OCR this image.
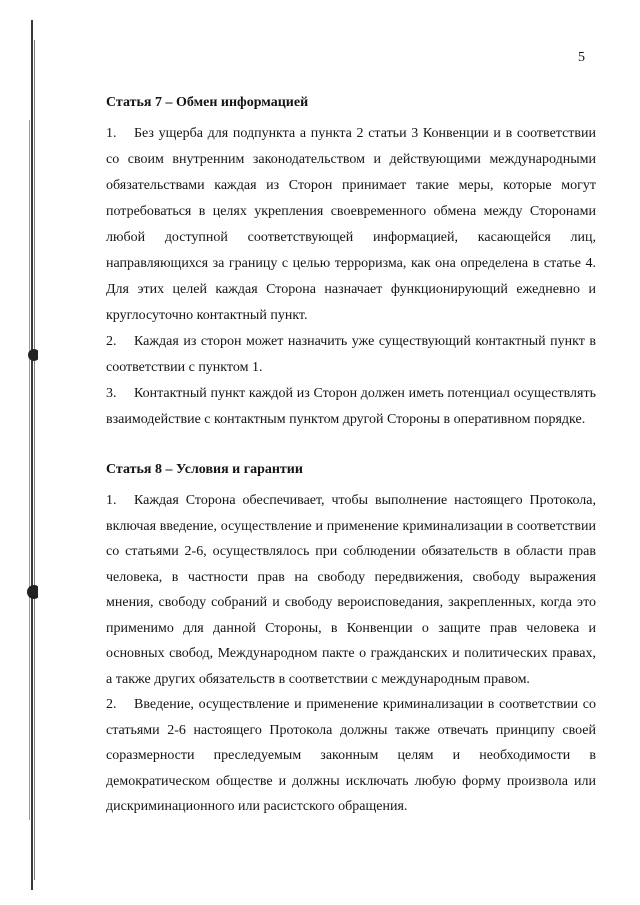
5
Статья 7 – Обмен информацией

1. Без ущерба для подпункта a пункта 2 статьи 3 Конвенции и в соответствии со своим внутренним законодательством и действующими международными обязательствами каждая из Сторон принимает такие меры, которые могут потребоваться в целях укрепления своевременного обмена между Сторонами любой доступной соответствующей информацией, касающейся лиц, направляющихся за границу с целью терроризма, как она определена в статье 4. Для этих целей каждая Сторона назначает функционирующий ежедневно и круглосуточно контактный пункт.

2. Каждая из сторон может назначить уже существующий контактный пункт в соответствии с пунктом 1.

3. Контактный пункт каждой из Сторон должен иметь потенциал осуществлять взаимодействие с контактным пунктом другой Стороны в оперативном порядке.

Статья 8 – Условия и гарантии

1. Каждая Сторона обеспечивает, чтобы выполнение настоящего Протокола, включая введение, осуществление и применение криминализации в соответствии со статьями 2-6, осуществлялось при соблюдении обязательств в области прав человека, в частности прав на свободу передвижения, свободу выражения мнения, свободу собраний и свободу вероисповедания, закрепленных, когда это применимо для данной Стороны, в Конвенции о защите прав человека и основных свобод, Международном пакте о гражданских и политических правах, а также других обязательств в соответствии с международным правом.

2. Введение, осуществление и применение криминализации в соответствии со статьями 2-6 настоящего Протокола должны также отвечать принципу своей соразмерности преследуемым законным целям и необходимости в демократическом обществе и должны исключать любую форму произвола или дискриминационного или расистского обращения.
